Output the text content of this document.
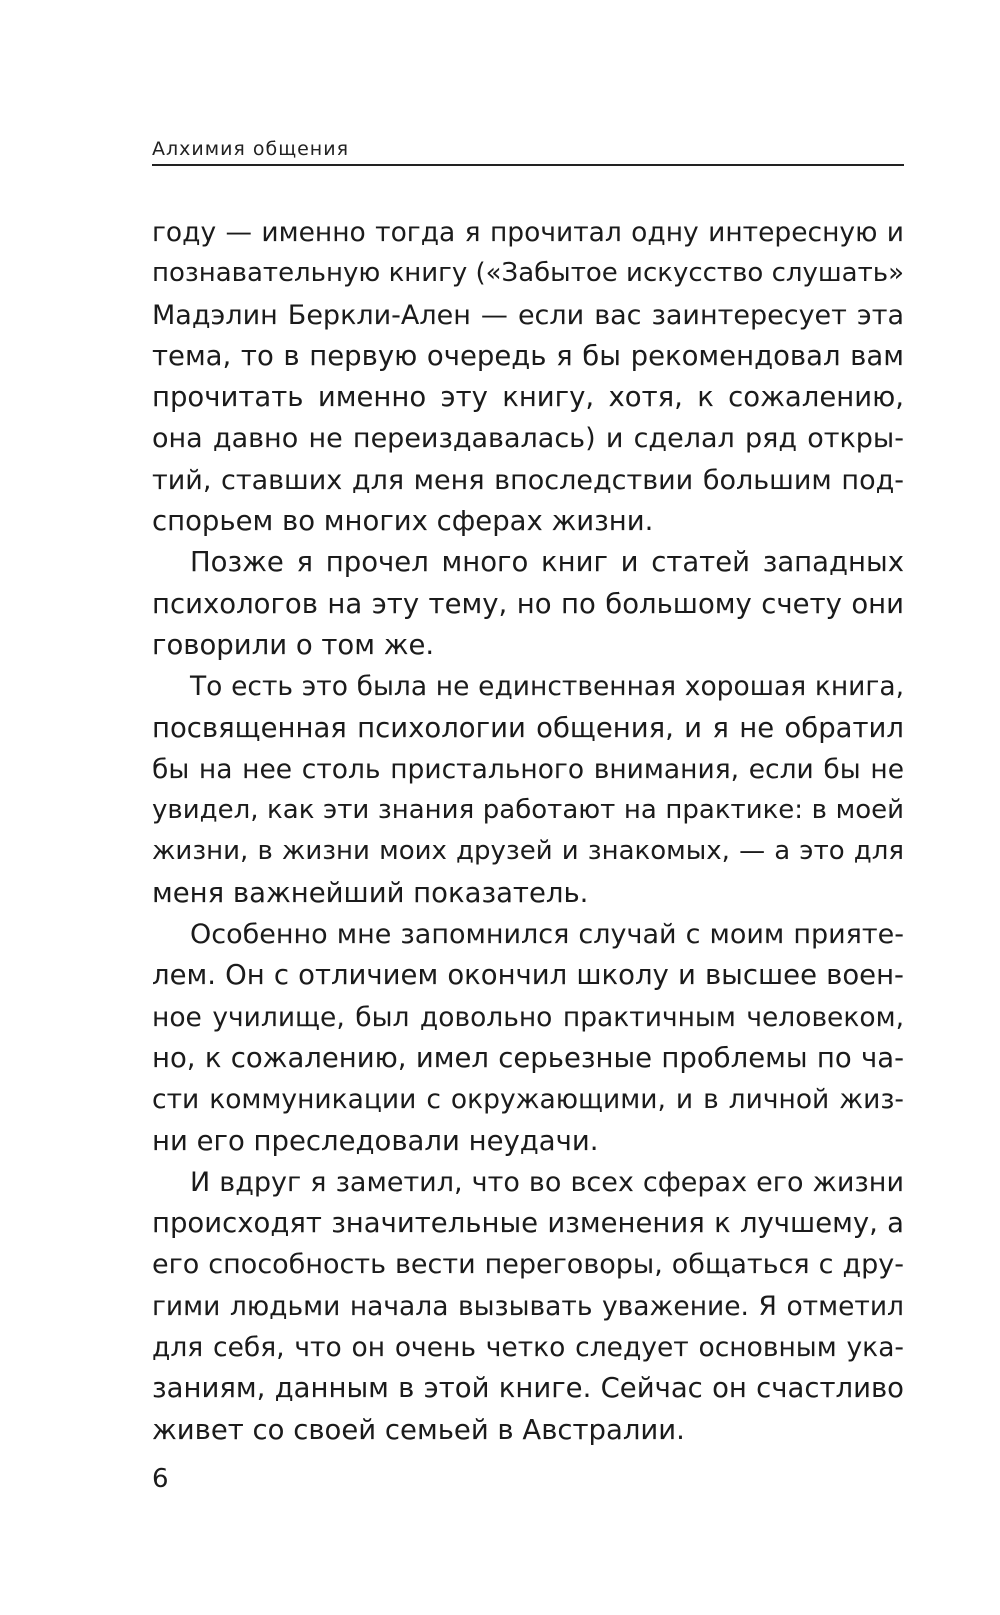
Алхимия общения
году — именно тогда я прочитал одну интересную и
познавательную книгу («Забытое искусство слушать»
Мадэлин Беркли-Ален — если вас заинтересует эта
тема, то в первую очередь я бы рекомендовал вам
прочитать именно эту книгу, хотя, к сожалению,
она давно не переиздавалась) и сделал ряд откры-
тий, ставших для меня впоследствии большим под-
спорьем во многих сферах жизни.
Позже я прочел много книг и статей западных
психологов на эту тему, но по большому счету они
говорили о том же.
То есть это была не единственная хорошая книга,
посвященная психологии общения, и я не обратил
бы на нее столь пристального внимания, если бы не
увидел, как эти знания работают на практике: в моей
жизни, в жизни моих друзей и знакомых, — а это для
меня важнейший показатель.
Особенно мне запомнился случай с моим прияте-
лем. Он с отличием окончил школу и высшее воен-
ное училище, был довольно практичным человеком,
но, к сожалению, имел серьезные проблемы по ча-
сти коммуникации с окружающими, и в личной жиз-
ни его преследовали неудачи.
И вдруг я заметил, что во всех сферах его жизни
происходят значительные изменения к лучшему, а
его способность вести переговоры, общаться с дру-
гими людьми начала вызывать уважение. Я отметил
для себя, что он очень четко следует основным ука-
заниям, данным в этой книге. Сейчас он счастливо
живет со своей семьей в Австралии.
6
